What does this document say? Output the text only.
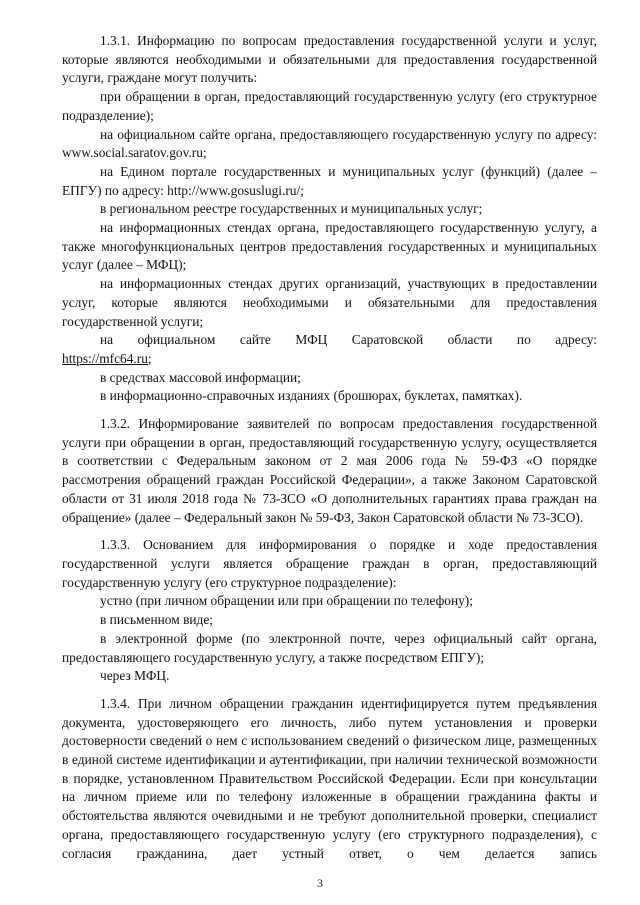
1.3.1. Информацию по вопросам предоставления государственной услуги и услуг, которые являются необходимыми и обязательными для предоставления государственной услуги, граждане могут получить:

при обращении в орган, предоставляющий государственную услугу (его структурное подразделение);

на официальном сайте органа, предоставляющего государственную услугу по адресу: www.social.saratov.gov.ru;

на Едином портале государственных и муниципальных услуг (функций) (далее – ЕПГУ) по адресу: http://www.gosuslugi.ru/;

в региональном реестре государственных и муниципальных услуг;

на информационных стендах органа, предоставляющего государственную услугу, а также многофункциональных центров предоставления государственных и муниципальных услуг (далее – МФЦ);

на информационных стендах других организаций, участвующих в предоставлении услуг, которые являются необходимыми и обязательными для предоставления государственной услуги;

на официальном сайте МФЦ Саратовской области по адресу:

https://mfc64.ru;

в средствах массовой информации;

в информационно-справочных изданиях (брошюрах, буклетах, памятках).

1.3.2. Информирование заявителей по вопросам предоставления государственной услуги при обращении в орган, предоставляющий государственную услугу, осуществляется в соответствии с Федеральным законом от 2 мая 2006 года № 59-ФЗ «О порядке рассмотрения обращений граждан Российской Федерации», а также Законом Саратовской области от 31 июля 2018 года № 73-ЗСО «О дополнительных гарантиях права граждан на обращение» (далее – Федеральный закон № 59-ФЗ, Закон Саратовской области № 73-ЗСО).

1.3.3. Основанием для информирования о порядке и ходе предоставления государственной услуги является обращение граждан в орган, предоставляющий государственную услугу (его структурное подразделение):

устно (при личном обращении или при обращении по телефону);

в письменном виде;

в электронной форме (по электронной почте, через официальный сайт органа, предоставляющего государственную услугу, а также посредством ЕПГУ);

через МФЦ.

1.3.4. При личном обращении гражданин идентифицируется путем предъявления документа, удостоверяющего его личность, либо путем установления и проверки достоверности сведений о нем с использованием сведений о физическом лице, размещенных в единой системе идентификации и аутентификации, при наличии технической возможности в порядке, установленном Правительством Российской Федерации. Если при консультации на личном приеме или по телефону изложенные в обращении гражданина факты и обстоятельства являются очевидными и не требуют дополнительной проверки, специалист органа, предоставляющего государственную услугу (его структурного подразделения), с согласия гражданина, дает устный ответ, о чем делается запись

3
